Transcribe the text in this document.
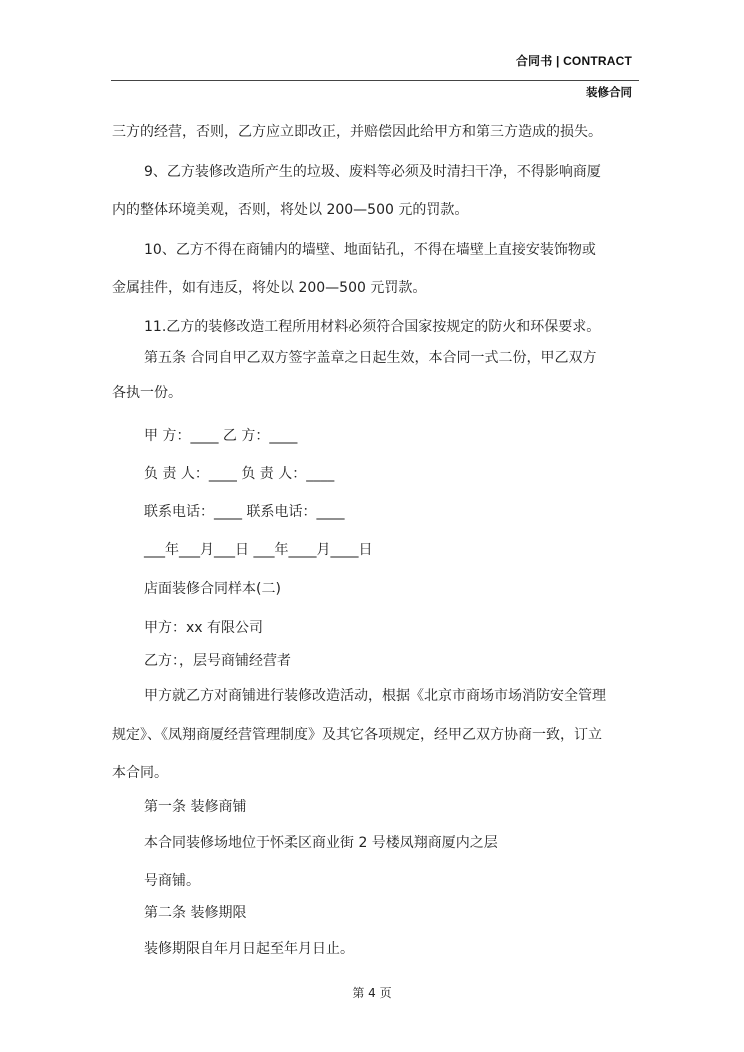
合同书 | CONTRACT
装修合同
三方的经营，否则，乙方应立即改正，并赔偿因此给甲方和第三方造成的损失。
9、乙方装修改造所产生的垃圾、废料等必须及时清扫干净，不得影响商厦
内的整体环境美观，否则，将处以 200—500 元的罚款。
10、乙方不得在商铺内的墙壁、地面钻孔，不得在墙壁上直接安装饰物或
金属挂件，如有违反，将处以 200—500 元罚款。
11.乙方的装修改造工程所用材料必须符合国家按规定的防火和环保要求。
第五条 合同自甲乙双方签字盖章之日起生效，本合同一式二份，甲乙双方
各执一份。
甲 方：____ 乙 方：____
负 责 人：____ 负 责 人：____
联系电话：____ 联系电话：____
___年___月___日 ___年____月____日
店面装修合同样本(二)
甲方：xx 有限公司
乙方：，层号商铺经营者
甲方就乙方对商铺进行装修改造活动，根据《北京市商场市场消防安全管理
规定》、《凤翔商厦经营管理制度》及其它各项规定，经甲乙双方协商一致，订立
本合同。
第一条 装修商铺
本合同装修场地位于怀柔区商业街 2 号楼凤翔商厦内之层
号商铺。
第二条 装修期限
装修期限自年月日起至年月日止。
第 4 页
